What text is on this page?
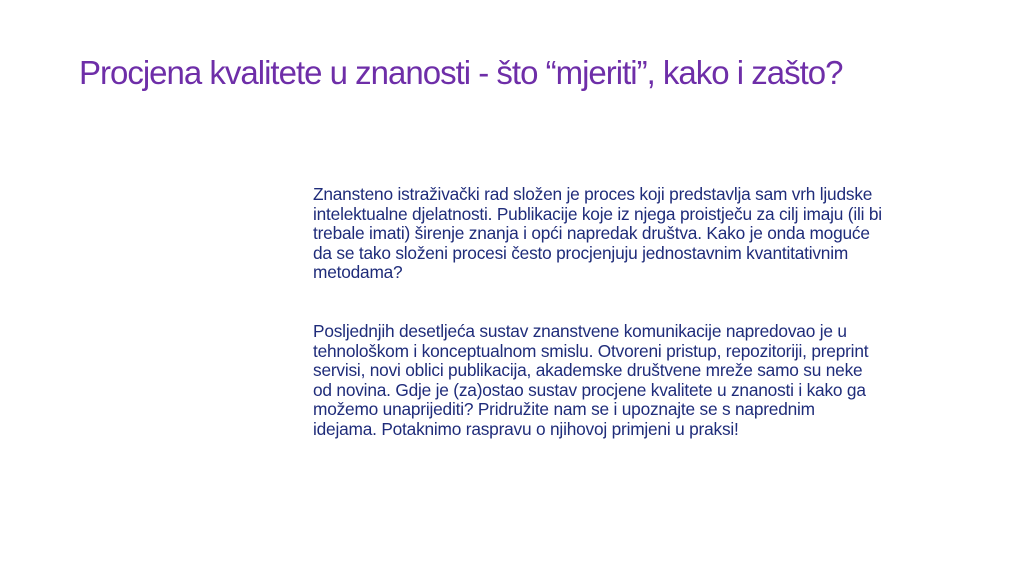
Procjena kvalitete u znanosti - što “mjeriti”, kako i zašto?

Znansteno istraživački rad složen je proces koji predstavlja sam vrh ljudske intelektualne djelatnosti. Publikacije koje iz njega proistječu za cilj imaju (ili bi trebale imati) širenje znanja i opći napredak društva. Kako je onda moguće da se tako složeni procesi često procjenjuju jednostavnim kvantitativnim metodama?

Posljednjih desetljeća sustav znanstvene komunikacije napredovao je u tehnološkom i konceptualnom smislu. Otvoreni pristup, repozitoriji, preprint servisi, novi oblici publikacija, akademske društvene mreže samo su neke od novina. Gdje je (za)ostao sustav procjene kvalitete u znanosti i kako ga možemo unaprijediti? Pridružite nam se i upoznajte se s naprednim idejama. Potaknimo raspravu o njihovoj primjeni u praksi!
